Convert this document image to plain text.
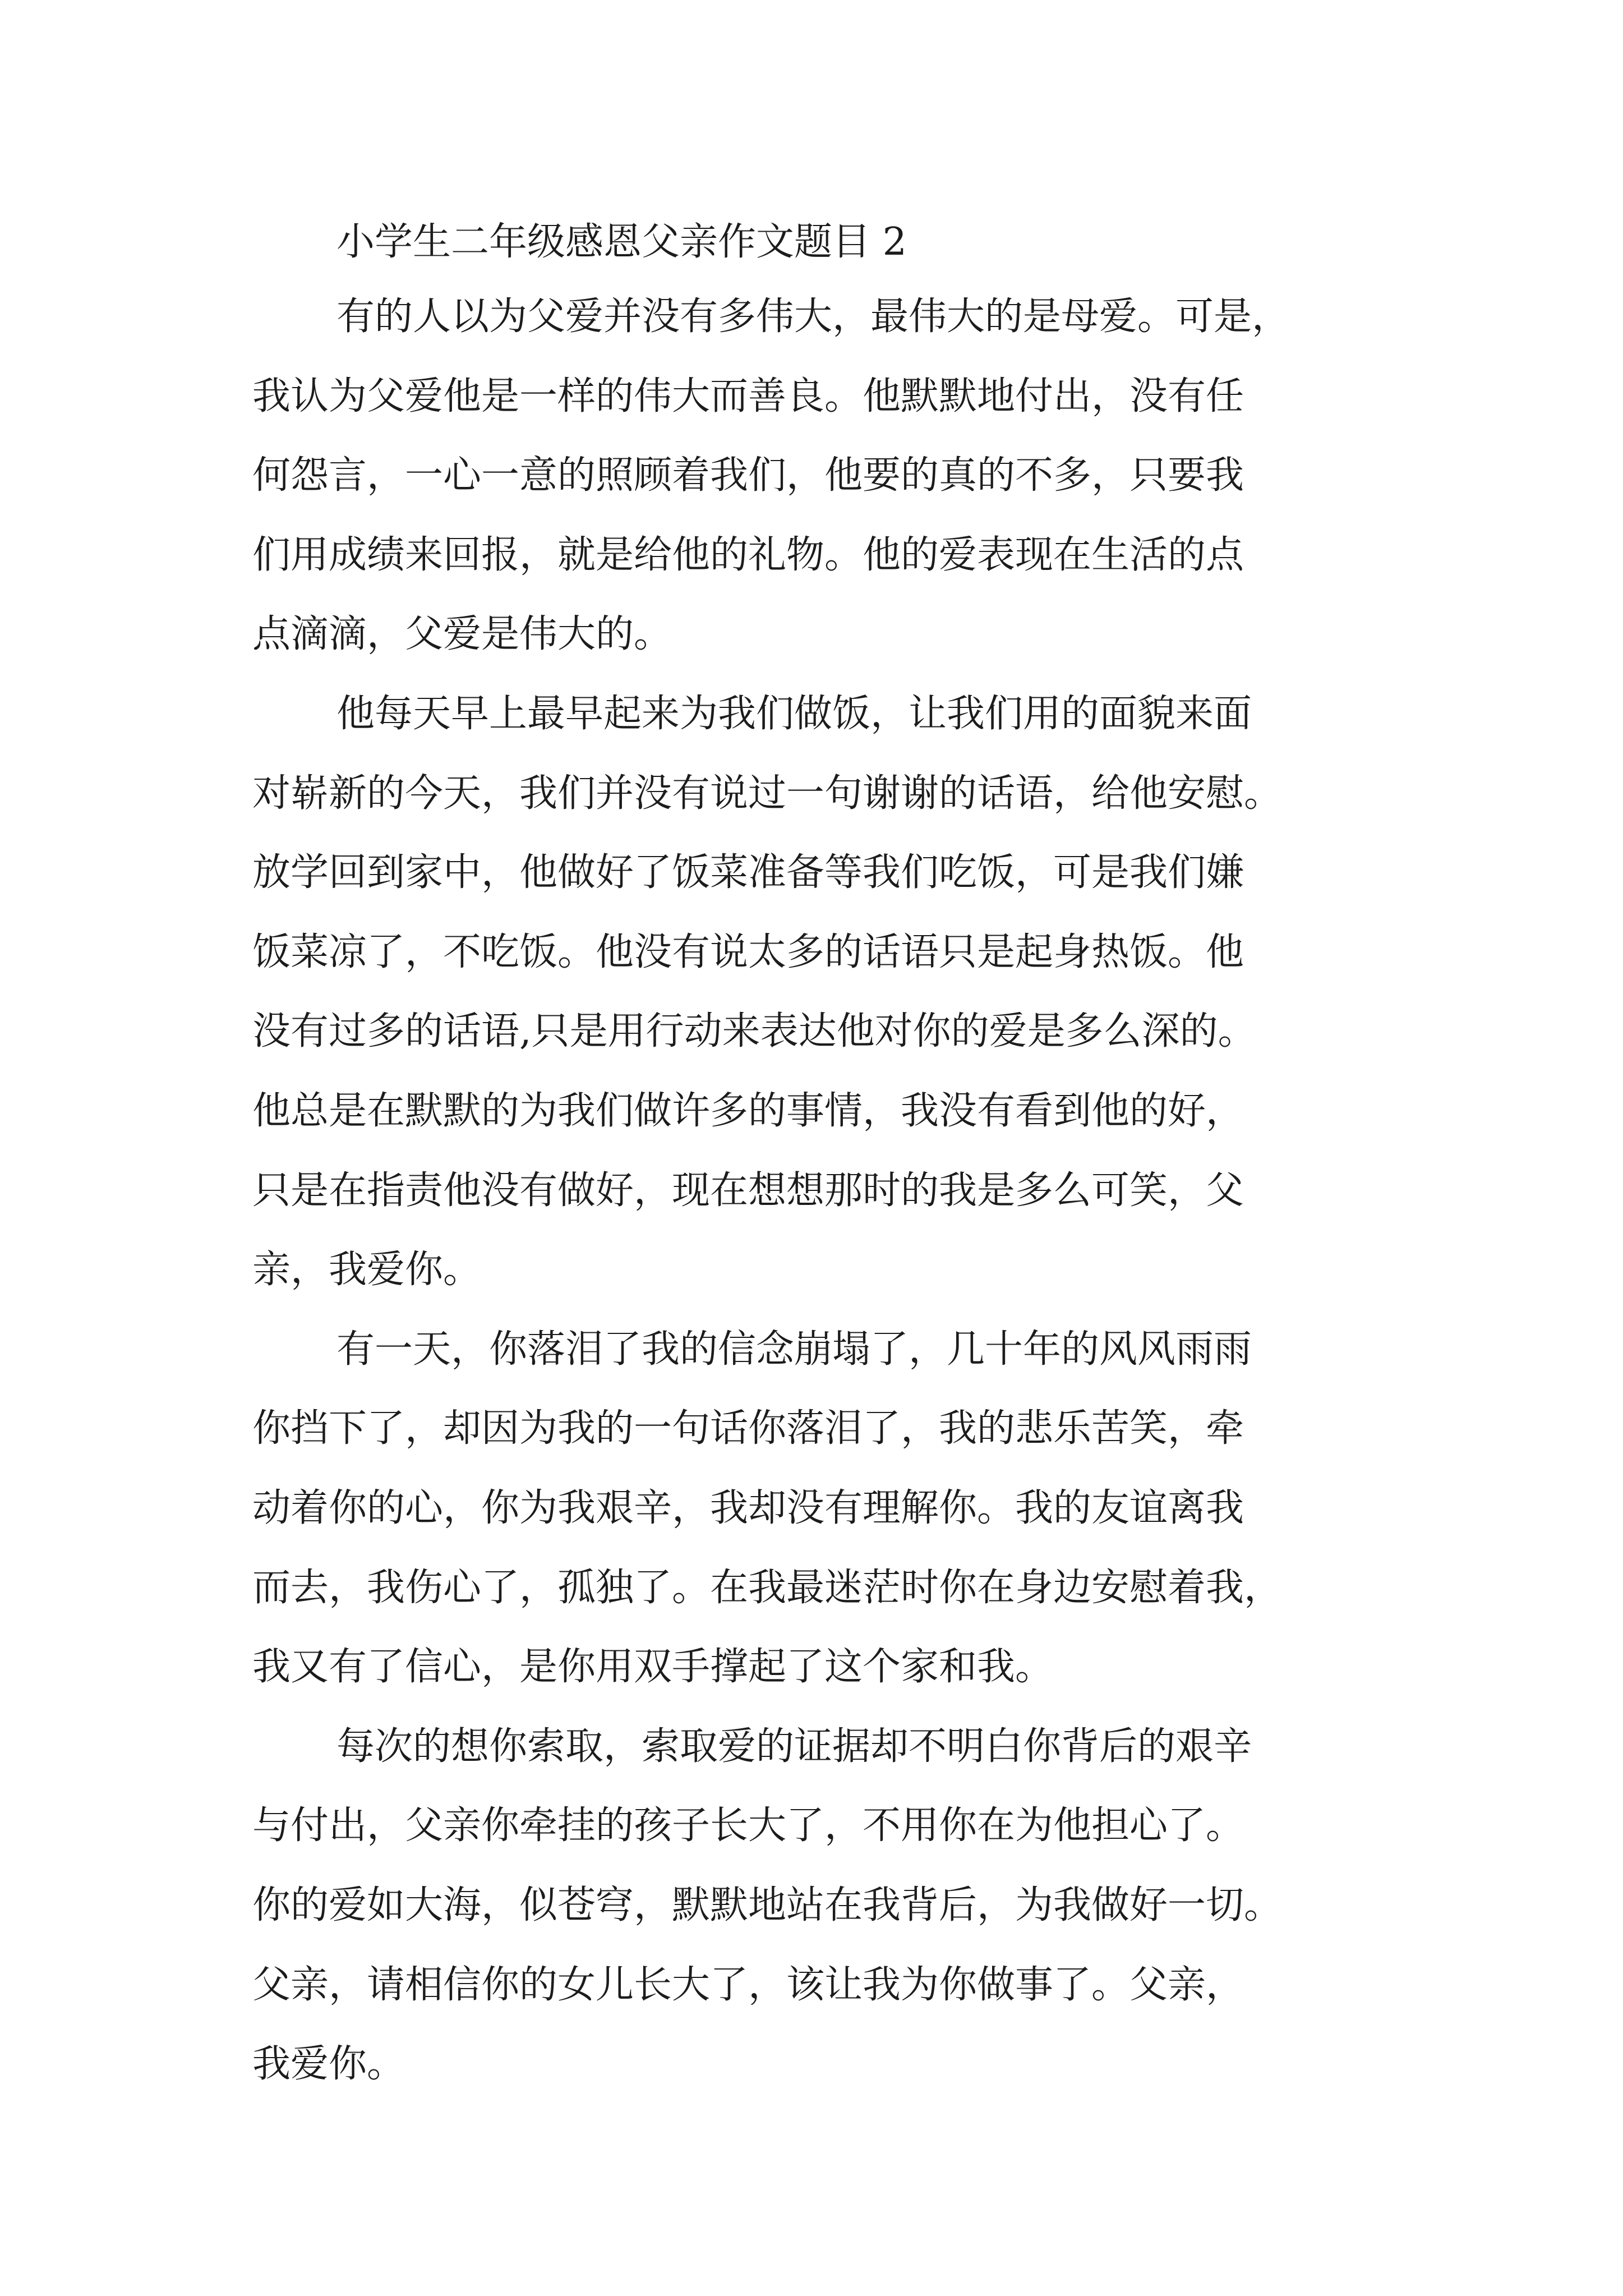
小学生二年级感恩父亲作文题目 2
有的人以为父爱并没有多伟大，最伟大的是母爱。可是，
我认为父爱他是一样的伟大而善良。他默默地付出，没有任
何怨言，一心一意的照顾着我们，他要的真的不多，只要我
们用成绩来回报，就是给他的礼物。他的爱表现在生活的点
点滴滴，父爱是伟大的。
他每天早上最早起来为我们做饭，让我们用的面貌来面
对崭新的今天，我们并没有说过一句谢谢的话语，给他安慰。
放学回到家中，他做好了饭菜准备等我们吃饭，可是我们嫌
饭菜凉了，不吃饭。他没有说太多的话语只是起身热饭。他
没有过多的话语,只是用行动来表达他对你的爱是多么深的。
他总是在默默的为我们做许多的事情，我没有看到他的好，
只是在指责他没有做好，现在想想那时的我是多么可笑，父
亲，我爱你。
有一天，你落泪了我的信念崩塌了，几十年的风风雨雨
你挡下了，却因为我的一句话你落泪了，我的悲乐苦笑，牵
动着你的心，你为我艰辛，我却没有理解你。我的友谊离我
而去，我伤心了，孤独了。在我最迷茫时你在身边安慰着我，
我又有了信心，是你用双手撑起了这个家和我。
每次的想你索取，索取爱的证据却不明白你背后的艰辛
与付出，父亲你牵挂的孩子长大了，不用你在为他担心了。
你的爱如大海，似苍穹，默默地站在我背后，为我做好一切。
父亲，请相信你的女儿长大了，该让我为你做事了。父亲，
我爱你。
